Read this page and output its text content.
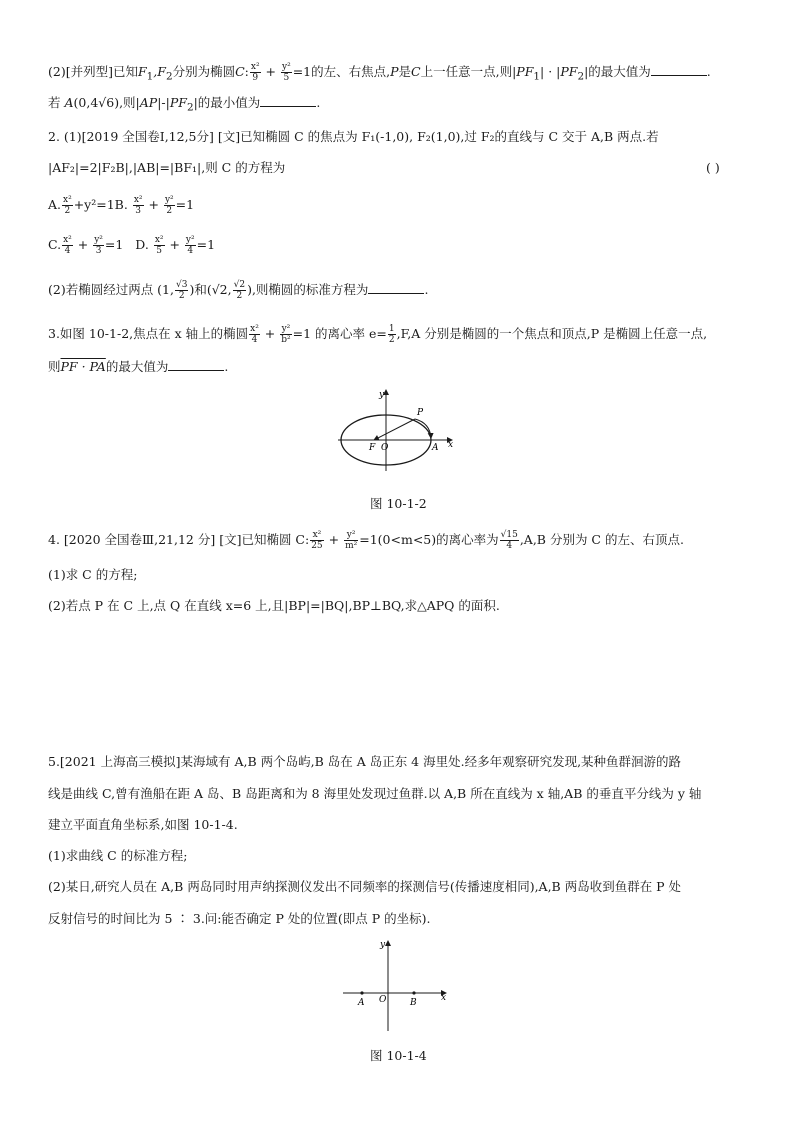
(2)[并列型]已知$F_1,F_2$分别为椭圆C: $\frac{\text{x²}}{9} + \frac{\text{y²}}{5} =1$的左、右焦点,P是C上一任意一点,则$|PF_1| \cdot |PF_2|$的最大值为	.
若 A(0,4√6),则$|AP|-|PF_2|$的最小值为	.
2. (1)[2019 全国卷Ⅰ,12,5分] [文]已知椭圆 C 的焦点为 F₁(-1,0), F₂(1,0),过 F₂的直线与 C 交于 A,B 两点.若
|AF₂|=2|F₂B|,|AB|=|BF₁|,则 C 的方程为	( )
A. $\frac{\text{x²}}{2} +y^2=1B$. $\frac{\text{x²}}{3} + \frac{\text{y²}}{2} =1$
C. $\frac{\text{x²}}{4} + \frac{\text{y²}}{3} =1$ D. $\frac{\text{x²}}{5} + \frac{\text{y²}}{4} =1$
(2)若椭圆经过两点 (1, $\frac{√3}{2}$ )和(√2, $\frac{√2}{2}$ ),则椭圆的标准方程为	.
3.如图 10-1-2,焦点在 x 轴上的椭圆 $\frac{\text{x²}}{4} + \frac{\text{y²}}{\text{b²}} =1$ 的离心率 $e= \frac{1}{2} ,F,A$ 分别是椭圆的一个焦点和顶点,P 是椭圆上任意一点,
则PF · PA的最大值为	.
y
x
P
F O	A
图 10-1-2
4. [2020 全国卷Ⅲ,21,12 分] [文]已知椭圆 C: $\frac{\text{x²}}{25} + \frac{\text{y²}}{\text{m²}} =1(0<m<5)$的离心率为 $\frac{√15}{4} ,A,B$ 分别为 C 的左、右顶点.
(1)求 C 的方程;
(2)若点 P 在 C 上,点 Q 在直线 x=6 上,且|BP|=|BQ|,BP⊥BQ,求△APQ 的面积.
5.[2021 上海高三模拟]某海域有 A,B 两个岛屿,B 岛在 A 岛正东 4 海里处.经多年观察研究发现,某种鱼群洄游的路
线是曲线 C,曾有渔船在距 A 岛、B 岛距离和为 8 海里处发现过鱼群.以 A,B 所在直线为 x 轴,AB 的垂直平分线为 y 轴
建立平面直角坐标系,如图 10-1-4.
(1)求曲线 C 的标准方程;
(2)某日,研究人员在 A,B 两岛同时用声纳探测仪发出不同频率的探测信号(传播速度相同),A,B 两岛收到鱼群在 P 处
反射信号的时间比为 5 ∶ 3.问:能否确定 P 处的位置(即点 P 的坐标).
y
x
A O	B
图 10-1-4
